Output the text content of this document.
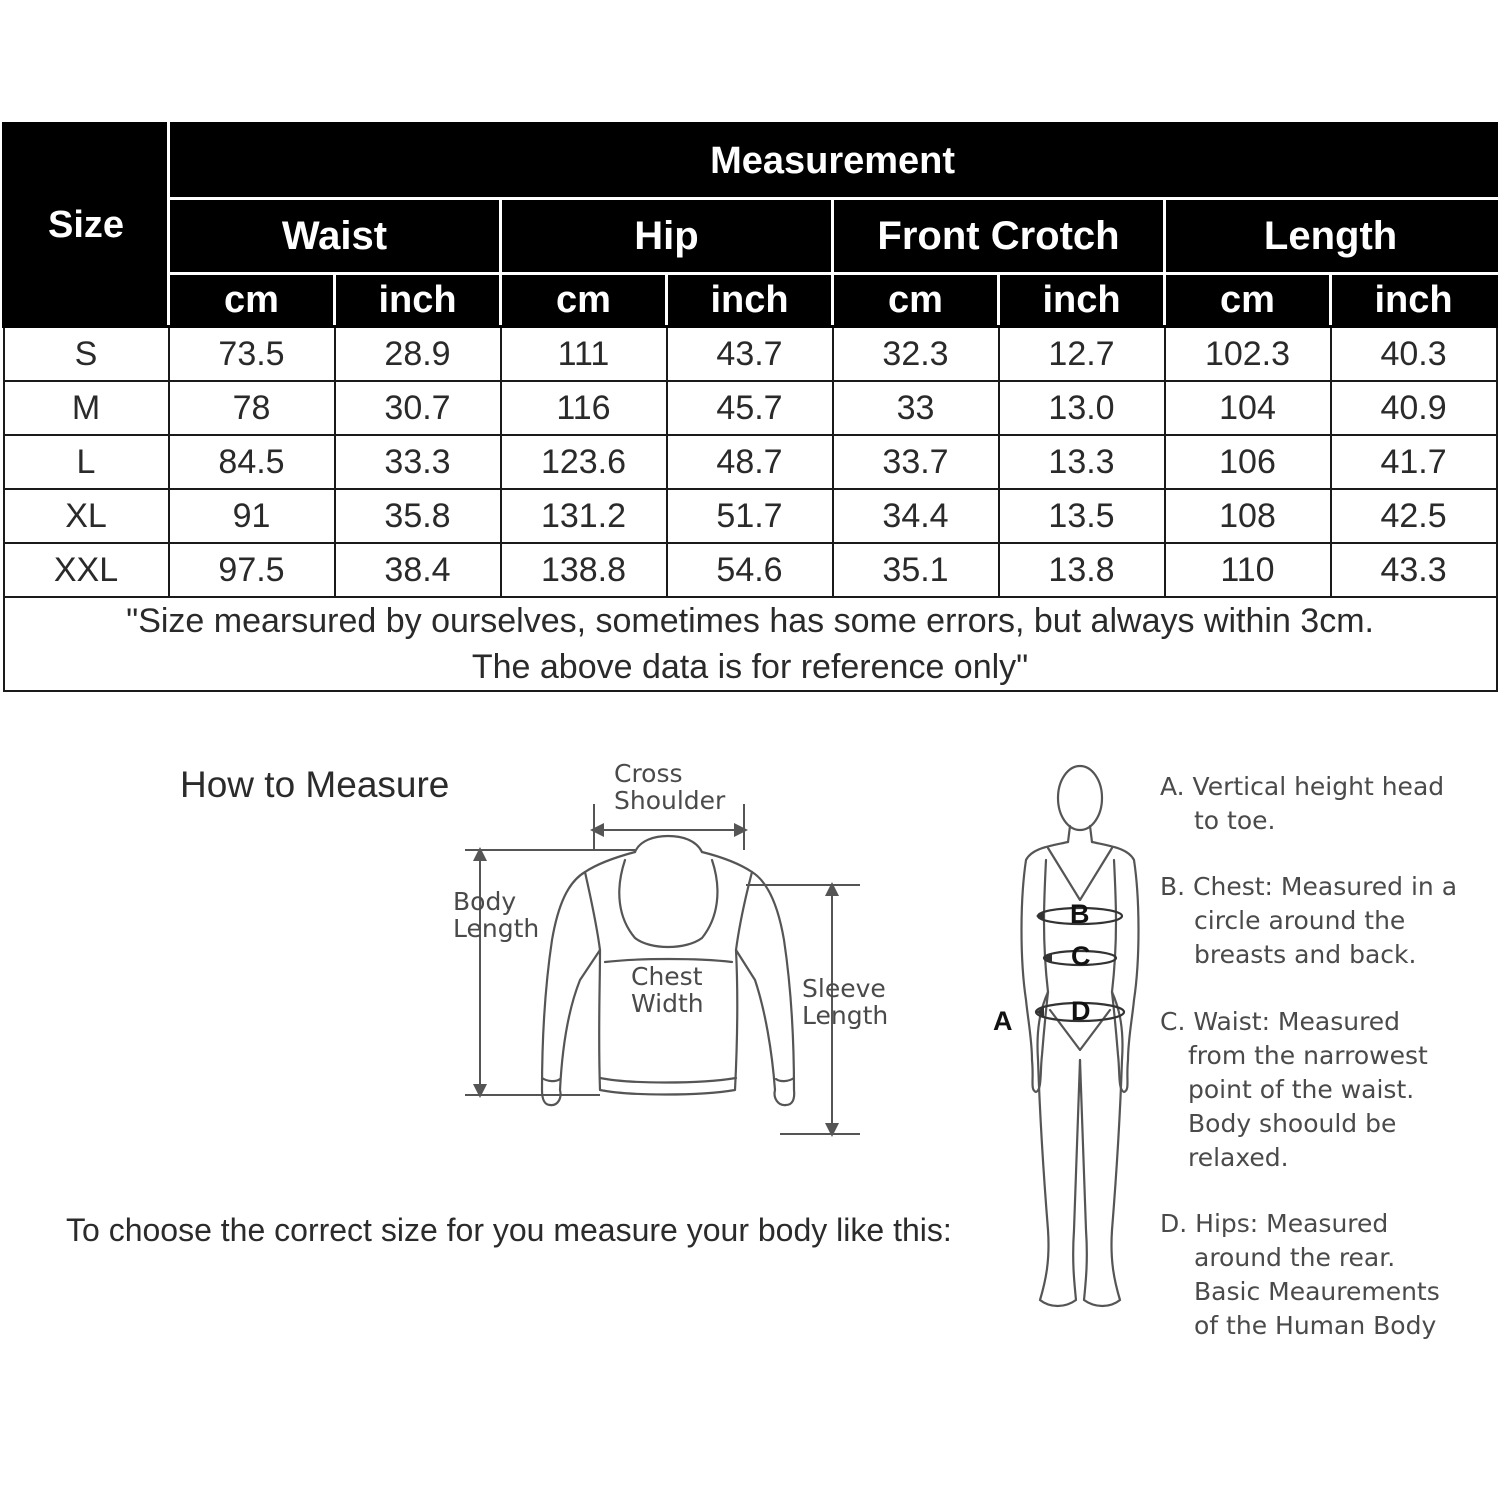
Size	Measurement							
	Waist		Hip		Front Crotch		Length	
	cm	inch	cm	inch	cm	inch	cm	inch
S	73.5	28.9	111	43.7	32.3	12.7	102.3	40.3
M	78	30.7	116	45.7	33	13.0	104	40.9
L	84.5	33.3	123.6	48.7	33.7	13.3	106	41.7
XL	91	35.8	131.2	51.7	34.4	13.5	108	42.5
XXL	97.5	38.4	138.8	54.6	35.1	13.8	110	43.3

"Size mearsured by ourselves, sometimes has some errors, but always within 3cm.
The above data is for reference only"								
How to Measure
To choose the correct size for you measure your body like this:
Cross
Shoulder
Body
Length
Chest
Width
Sleeve
Length
B
C
D
A
A. Vertical height head
to toe.
B. Chest: Measured in a
circle around the breasts and back.
C. Waist: Measured
from the narrowest point of the waist. Body shoould be relaxed.
D. Hips: Measured
around the rear. Basic Meaurements of the Human Body
